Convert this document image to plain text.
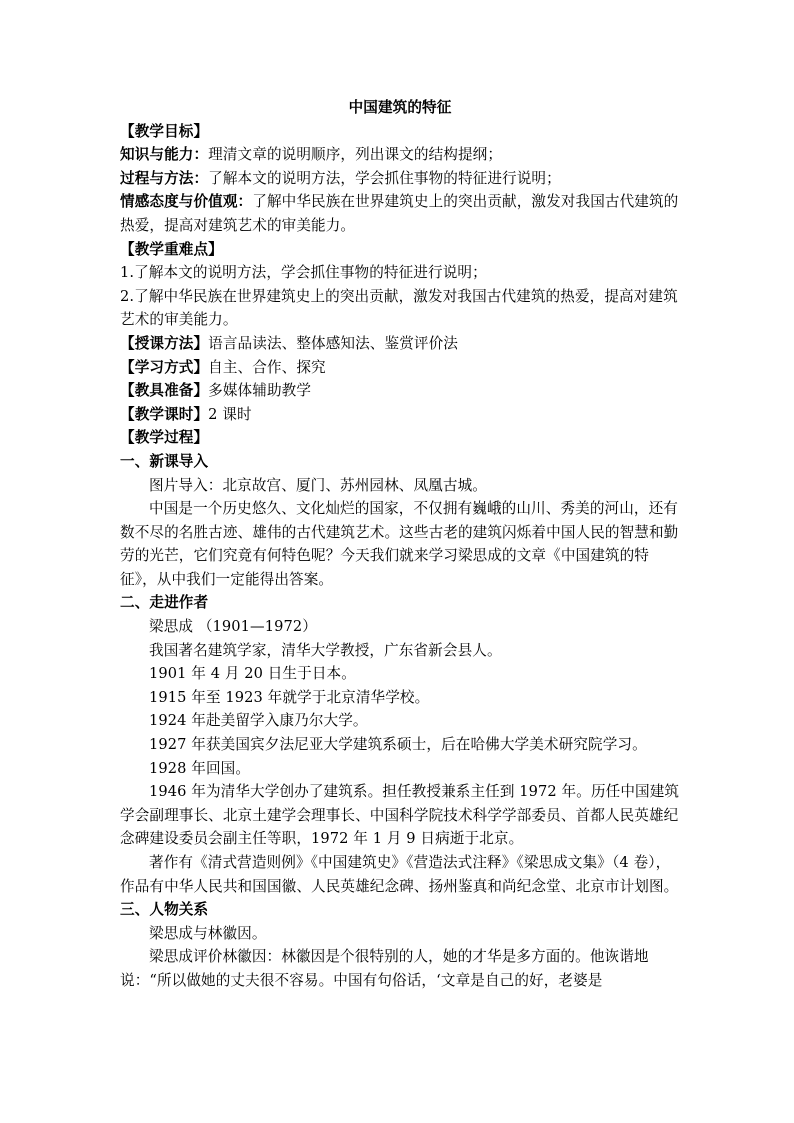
中国建筑的特征

【教学目标】

知识与能力：理清文章的说明顺序，列出课文的结构提纲；

过程与方法：了解本文的说明方法，学会抓住事物的特征进行说明；

情感态度与价值观：了解中华民族在世界建筑史上的突出贡献，激发对我国古代建筑的热爱，提高对建筑艺术的审美能力。

【教学重难点】

1.了解本文的说明方法，学会抓住事物的特征进行说明；

2.了解中华民族在世界建筑史上的突出贡献，激发对我国古代建筑的热爱，提高对建筑艺术的审美能力。

【授课方法】语言品读法、整体感知法、鉴赏评价法

【学习方式】自主、合作、探究

【教具准备】多媒体辅助教学

【教学课时】2 课时

【教学过程】

一、新课导入

图片导入：北京故宫、厦门、苏州园林、凤凰古城。

中国是一个历史悠久、文化灿烂的国家，不仅拥有巍峨的山川、秀美的河山，还有数不尽的名胜古迹、雄伟的古代建筑艺术。这些古老的建筑闪烁着中国人民的智慧和勤劳的光芒，它们究竟有何特色呢？今天我们就来学习梁思成的文章《中国建筑的特征》，从中我们一定能得出答案。

二、走进作者

梁思成 （1901—1972）

我国著名建筑学家，清华大学教授，广东省新会县人。

1901 年 4 月 20 日生于日本。

1915 年至 1923 年就学于北京清华学校。

1924 年赴美留学入康乃尔大学。

1927 年获美国宾夕法尼亚大学建筑系硕士，后在哈佛大学美术研究院学习。

1928 年回国。

1946 年为清华大学创办了建筑系。担任教授兼系主任到 1972 年。历任中国建筑学会副理事长、北京土建学会理事长、中国科学院技术科学学部委员、首都人民英雄纪念碑建设委员会副主任等职，1972 年 1 月 9 日病逝于北京。

著作有《清式营造则例》《中国建筑史》《营造法式注释》《梁思成文集》（4 卷），作品有中华人民共和国国徽、人民英雄纪念碑、扬州鉴真和尚纪念堂、北京市计划图。

三、人物关系

梁思成与林徽因。

梁思成评价林徽因：林徽因是个很特别的人，她的才华是多方面的。他诙谐地说：“所以做她的丈夫很不容易。中国有句俗话，‘文章是自己的好，老婆是
